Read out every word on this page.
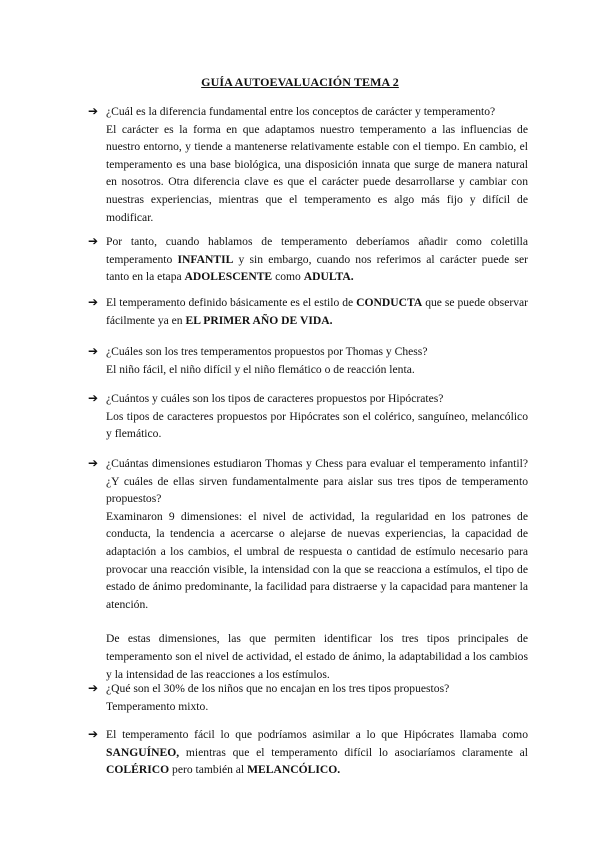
GUÍA AUTOEVALUACIÓN TEMA 2
➔ ¿Cuál es la diferencia fundamental entre los conceptos de carácter y temperamento?

El carácter es la forma en que adaptamos nuestro temperamento a las influencias de nuestro entorno, y tiende a mantenerse relativamente estable con el tiempo. En cambio, el temperamento es una base biológica, una disposición innata que surge de manera natural en nosotros. Otra diferencia clave es que el carácter puede desarrollarse y cambiar con nuestras experiencias, mientras que el temperamento es algo más fijo y difícil de modificar.

➔ Por tanto, cuando hablamos de temperamento deberíamos añadir como coletilla temperamento INFANTIL y sin embargo, cuando nos referimos al carácter puede ser tanto en la etapa ADOLESCENTE como ADULTA.

➔ El temperamento definido básicamente es el estilo de CONDUCTA que se puede observar fácilmente ya en EL PRIMER AÑO DE VIDA.

➔ ¿Cuáles son los tres temperamentos propuestos por Thomas y Chess?

El niño fácil, el niño difícil y el niño flemático o de reacción lenta.

➔ ¿Cuántos y cuáles son los tipos de caracteres propuestos por Hipócrates?

Los tipos de caracteres propuestos por Hipócrates son el colérico, sanguíneo, melancólico y flemático.

➔ ¿Cuántas dimensiones estudiaron Thomas y Chess para evaluar el temperamento infantil? ¿Y cuáles de ellas sirven fundamentalmente para aislar sus tres tipos de temperamento propuestos?

Examinaron 9 dimensiones: el nivel de actividad, la regularidad en los patrones de conducta, la tendencia a acercarse o alejarse de nuevas experiencias, la capacidad de adaptación a los cambios, el umbral de respuesta o cantidad de estímulo necesario para provocar una reacción visible, la intensidad con la que se reacciona a estímulos, el tipo de estado de ánimo predominante, la facilidad para distraerse y la capacidad para mantener la atención.

De estas dimensiones, las que permiten identificar los tres tipos principales de temperamento son el nivel de actividad, el estado de ánimo, la adaptabilidad a los cambios y la intensidad de las reacciones a los estímulos.

➔ ¿Qué son el 30% de los niños que no encajan en los tres tipos propuestos?

Temperamento mixto.

➔ El temperamento fácil lo que podríamos asimilar a lo que Hipócrates llamaba como SANGUÍNEO, mientras que el temperamento difícil lo asociaríamos claramente al COLÉRICO pero también al MELANCÓLICO.
